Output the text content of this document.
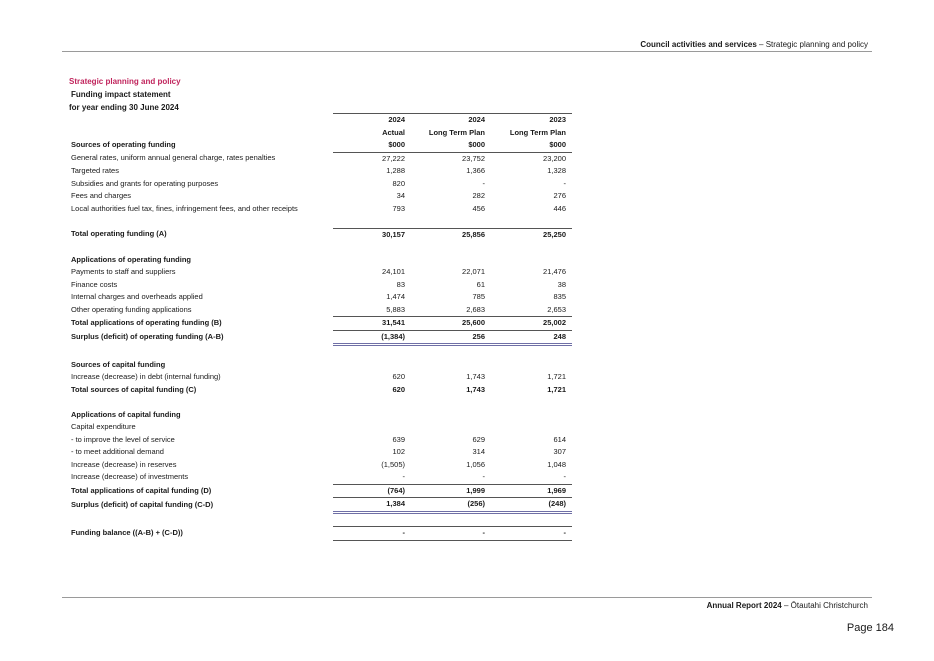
Council activities and services – Strategic planning and policy
Strategic planning and policy
Funding impact statement
for year ending 30 June 2024
	2024	2024	2023
	Actual	Long Term Plan	Long Term Plan
Sources of operating funding	$000	$000	$000
General rates, uniform annual general charge, rates penalties	27,222	23,752	23,200
Targeted rates	1,288	1,366	1,328
Subsidies and grants for operating purposes	820	-	-
Fees and charges	34	282	276
Local authorities fuel tax, fines, infringement fees, and other receipts	793	456	446

Total operating funding (A)	30,157	25,856	25,250

Applications of operating funding			
Payments to staff and suppliers	24,101	22,071	21,476
Finance costs	83	61	38
Internal charges and overheads applied	1,474	785	835
Other operating funding applications	5,883	2,683	2,653
Total applications of operating funding (B)	31,541	25,600	25,002
Surplus (deficit) of operating funding (A-B)	(1,384)	256	248

Sources of capital funding			
Increase (decrease) in debt (internal funding)	620	1,743	1,721
Total sources of capital funding (C)	620	1,743	1,721

Applications of capital funding			
Capital expenditure			
- to improve the level of service	639	629	614
- to meet additional demand	102	314	307
Increase (decrease) in reserves	(1,505)	1,056	1,048
Increase (decrease) of investments	-	-	-
Total applications of capital funding (D)	(764)	1,999	1,969
Surplus (deficit) of capital funding (C-D)	1,384	(256)	(248)

Funding balance ((A-B) + (C-D))	-	-	-
Annual Report 2024 – Ōtautahi Christchurch
Page 184
